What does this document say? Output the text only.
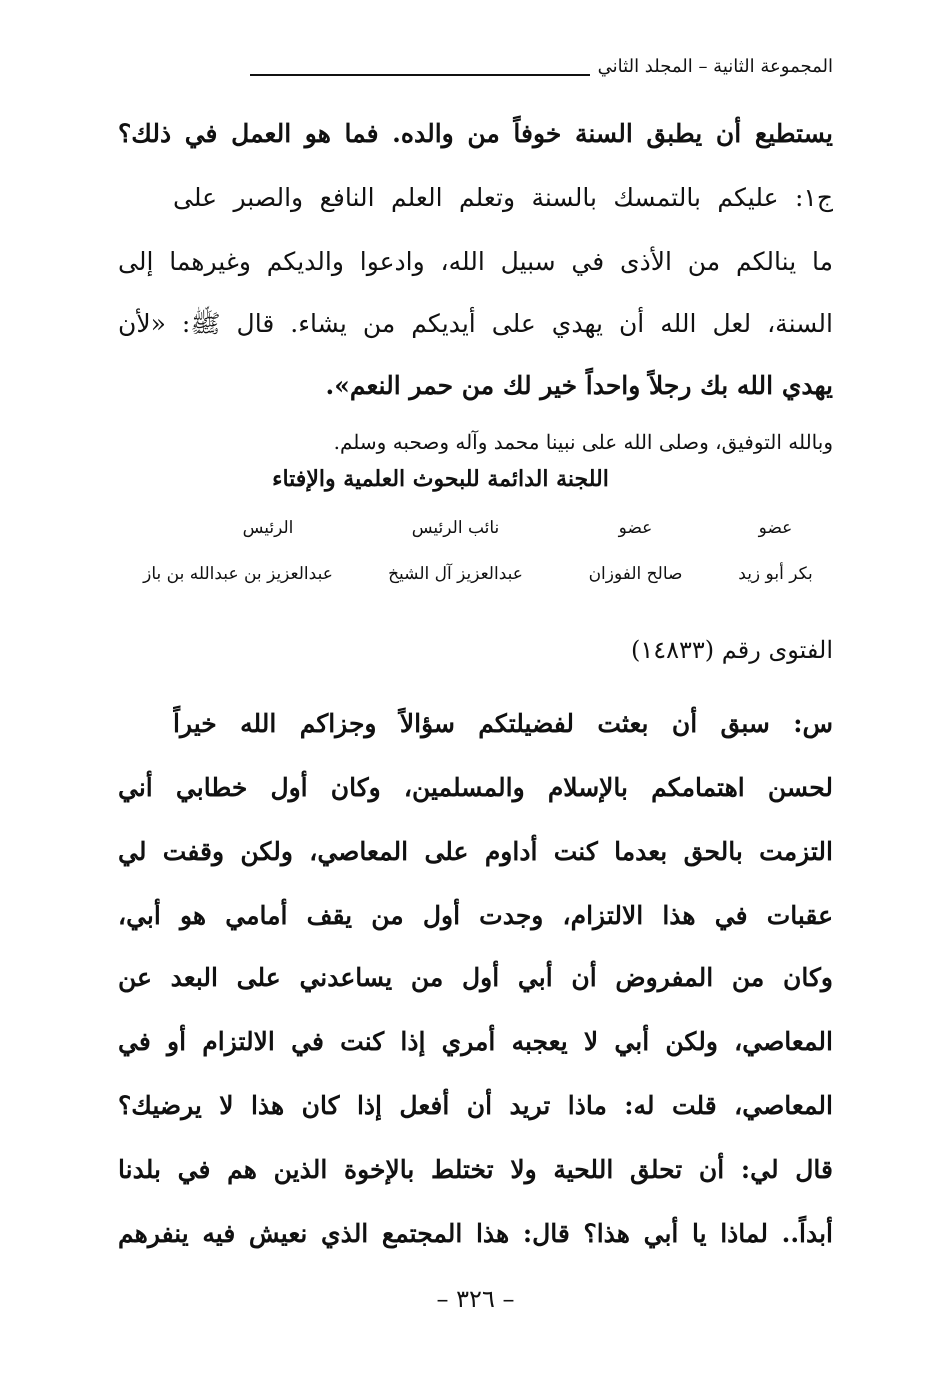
المجموعة الثانية – المجلد الثاني
يستطيع أن يطبق السنة خوفاً من والده. فما هو العمل في ذلك؟
ج١: عليكم بالتمسك بالسنة وتعلم العلم النافع والصبر على
ما ينالكم من الأذى في سبيل الله، وادعوا والديكم وغيرهما إلى
السنة، لعل الله أن يهدي على أيديكم من يشاء. قال ﷺ: «لأن
يهدي الله بك رجلاً واحداً خير لك من حمر النعم».
وبالله التوفيق، وصلى الله على نبينا محمد وآله وصحبه وسلم.
اللجنة الدائمة للبحوث العلمية والإفتاء
عضو
عضو
نائب الرئيس
الرئيس
بكر أبو زيد
صالح الفوزان
عبدالعزيز آل الشيخ
عبدالعزيز بن عبدالله بن باز
الفتوى رقم (١٤٨٣٣)
س: سبق أن بعثت لفضيلتكم سؤالاً وجزاكم الله خيراً
لحسن اهتمامكم بالإسلام والمسلمين، وكان أول خطابي أني
التزمت بالحق بعدما كنت أداوم على المعاصي، ولكن وقفت لي
عقبات في هذا الالتزام، وجدت أول من يقف أمامي هو أبي،
وكان من المفروض أن أبي أول من يساعدني على البعد عن
المعاصي، ولكن أبي لا يعجبه أمري إذا كنت في الالتزام أو في
المعاصي، قلت له: ماذا تريد أن أفعل إذا كان هذا لا يرضيك؟
قال لي: أن تحلق اللحية ولا تختلط بالإخوة الذين هم في بلدنا
أبداً.. لماذا يا أبي هذا؟ قال: هذا المجتمع الذي نعيش فيه ينفرهم
– ٣٢٦ –
